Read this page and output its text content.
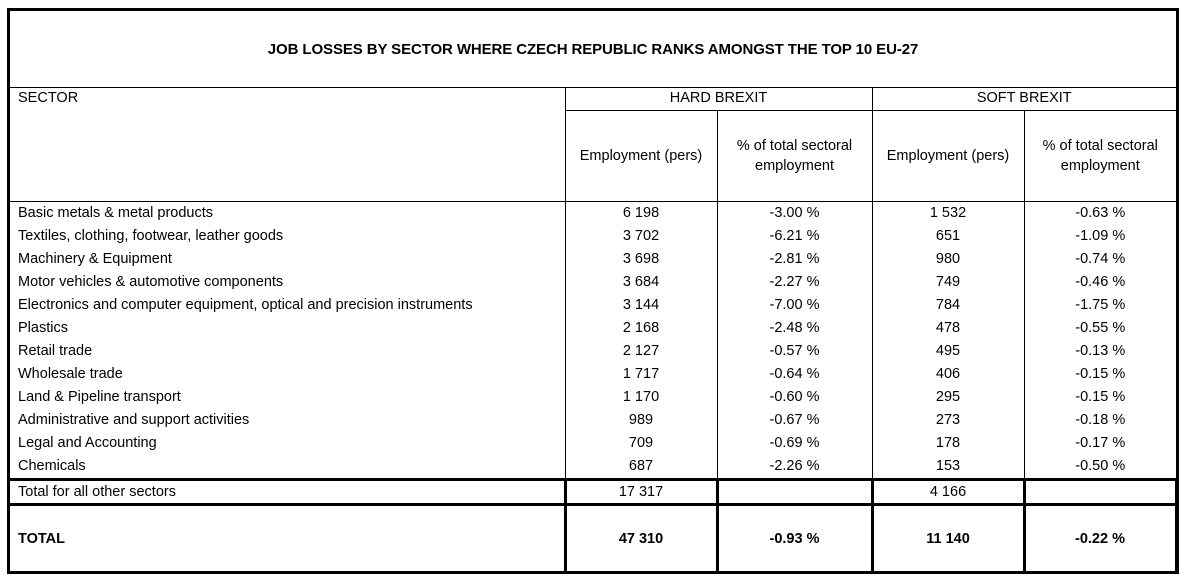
JOB LOSSES BY SECTOR WHERE CZECH REPUBLIC RANKS AMONGST THE TOP 10 EU-27
SECTOR	HARD BREXIT		SOFT BREXIT	
	Employment (pers)	% of total sectoral employment	Employment (pers)	% of total sectoral employment
Basic metals & metal products	6 198	-3.00 %	1 532	-0.63 %
Textiles, clothing, footwear, leather goods	3 702	-6.21 %	651	-1.09 %
Machinery & Equipment	3 698	-2.81 %	980	-0.74 %
Motor vehicles & automotive components	3 684	-2.27 %	749	-0.46 %
Electronics and computer equipment, optical and precision instruments	3 144	-7.00 %	784	-1.75 %
Plastics	2 168	-2.48 %	478	-0.55 %
Retail trade	2 127	-0.57 %	495	-0.13 %
Wholesale trade	1 717	-0.64 %	406	-0.15 %
Land & Pipeline transport	1 170	-0.60 %	295	-0.15 %
Administrative and support activities	989	-0.67 %	273	-0.18 %
Legal and Accounting	709	-0.69 %	178	-0.17 %
Chemicals	687	-2.26 %	153	-0.50 %
Total for all other sectors	17 317		4 166	
TOTAL	47 310	-0.93 %	11 140	-0.22 %
